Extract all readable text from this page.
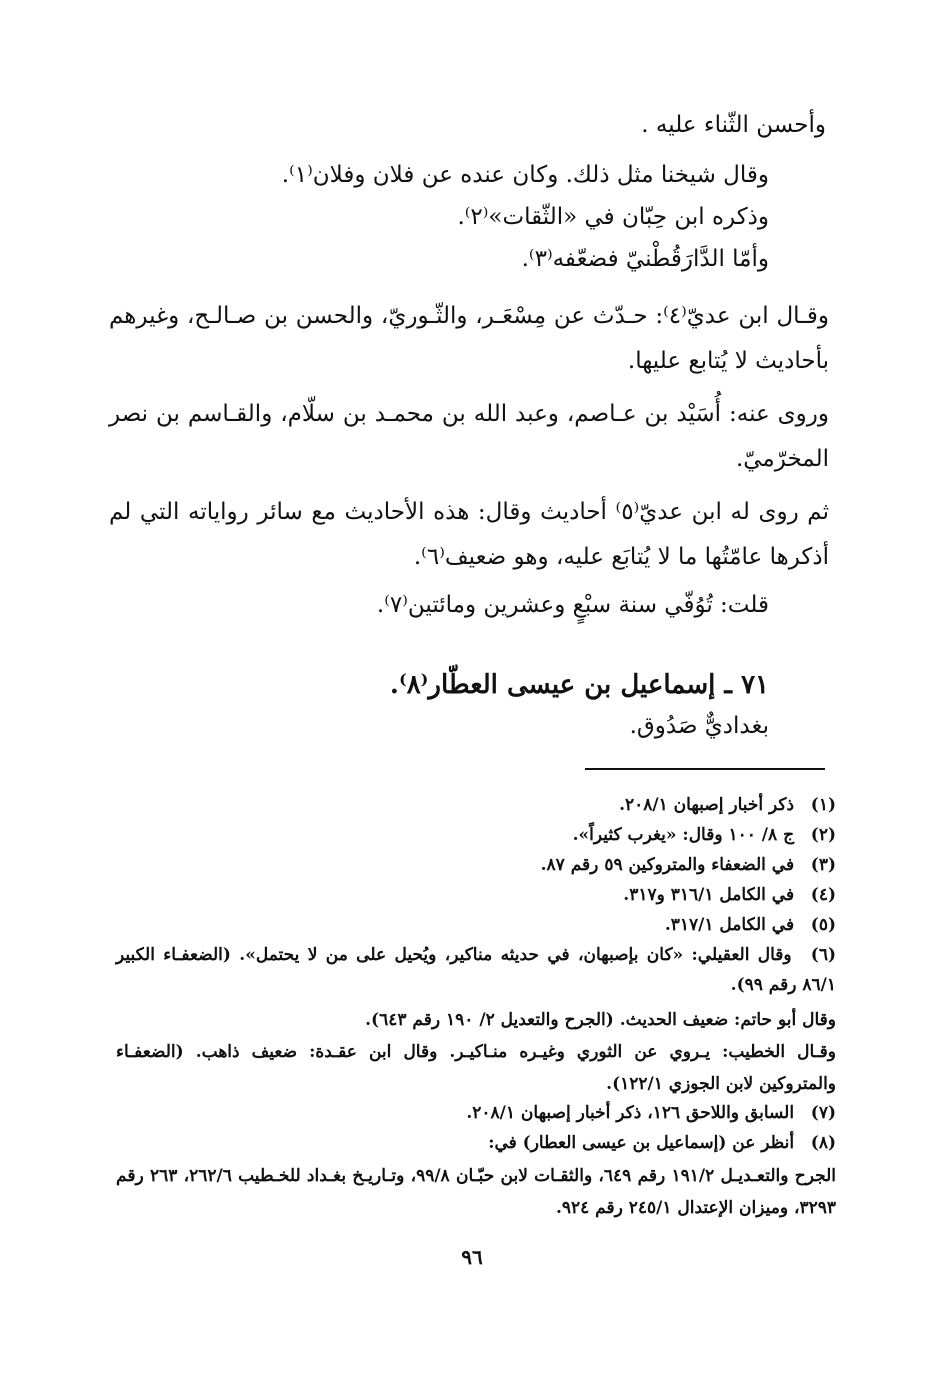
وأحسن الثّناء عليه .
وقال شيخنا مثل ذلك. وكان عنده عن فلان وفلان⁽١⁾.
وذكره ابن حِبّان في «الثّقات»⁽٢⁾.
وأمّا الدَّارَقُطْنيّ فضعّفه⁽٣⁾.
وقـال ابن عديّ⁽٤⁾: حـدّث عن مِسْعَـر، والثّـوريّ، والحسن بن صـالـح، وغيرهم بأحاديث لا يُتابع عليها.
وروى عنه: أُسَيْد بن عـاصم، وعبد الله بن محمـد بن سلّام، والقـاسم بن نصر المخرّميّ.
ثم روى له ابن عديّ⁽٥⁾ أحاديث وقال: هذه الأحاديث مع سائر رواياته التي لم أذكرها عامّتُها ما لا يُتابَع عليه، وهو ضعيف⁽٦⁾.
قلت: تُوُفّي سنة سبْعٍ وعشرين ومائتين⁽٧⁾.
٧١ ـ إسماعيل بن عيسى العطّار⁽٨⁾.
بغداديٌّ صَدُوق.
(١) ذكر أخبار إصبهان ٢٠٨/١.
(٢) ج ٨/ ١٠٠ وقال: «يغرب كثيراً».
(٣) في الضعفاء والمتروكين ٥٩ رقم ٨٧.
(٤) في الكامل ٣١٦/١ و٣١٧.
(٥) في الكامل ٣١٧/١.
(٦) وقال العقيلي: «كان بإصبهان، في حديثه مناكير، ويُحيل على من لا يحتمل». (الضعفـاء الكبير ٨٦/١ رقم ٩٩).
وقال أبو حاتم: ضعيف الحديث. (الجرح والتعديل ٢/ ١٩٠ رقم ٦٤٣).
وقـال الخطيب: يـروي عن الثوري وغيـره منـاكيـر. وقال ابن عقـدة: ضعيف ذاهب. (الضعفـاء والمتروكين لابن الجوزي ١٢٢/١).
(٧) السابق واللاحق ١٢٦، ذكر أخبار إصبهان ٢٠٨/١.
(٨) أنظر عن (إسماعيل بن عيسى العطار) في:
الجرح والتعـديـل ١٩١/٢ رقم ٦٤٩، والثقـات لابن حبّـان ٩٩/٨، وتـاريـخ بغـداد للخـطيب ٢٦٢/٦، ٢٦٣ رقم ٣٢٩٣، وميزان الإعتدال ٢٤٥/١ رقم ٩٢٤.
٩٦
